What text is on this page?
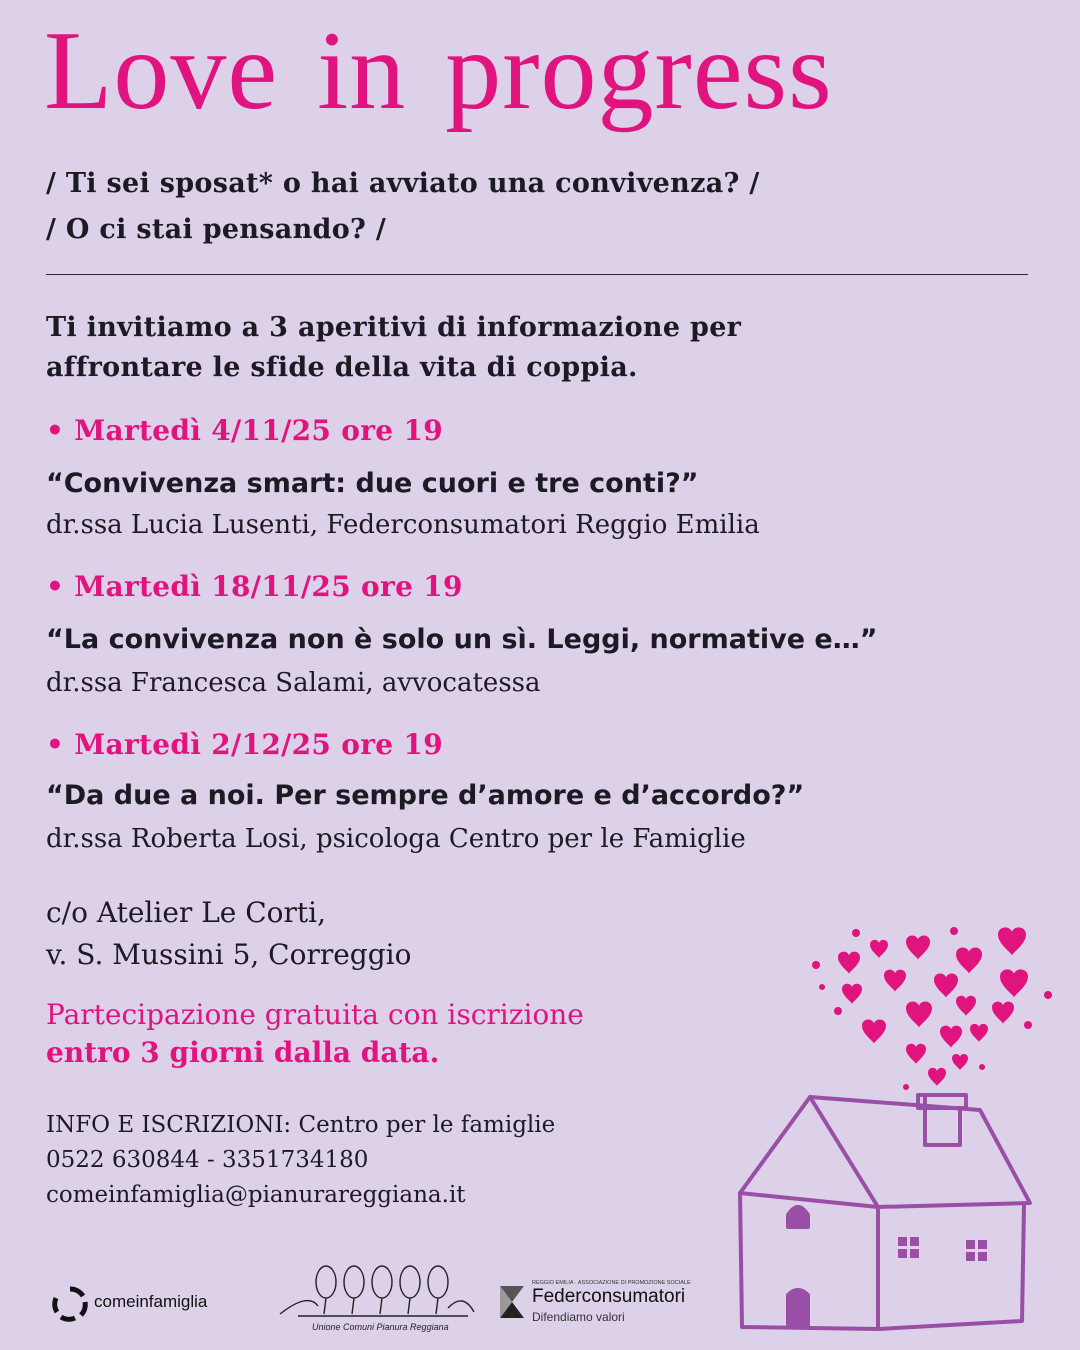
Love in progress
/ Ti sei sposat* o hai avviato una convivenza? /
/ O ci stai pensando? /
Ti invitiamo a 3 aperitivi di informazione per
affrontare le sfide della vita di coppia.
• Martedì 4/11/25 ore 19
“Convivenza smart: due cuori e tre conti?”
dr.ssa Lucia Lusenti, Federconsumatori Reggio Emilia
• Martedì 18/11/25 ore 19
“La convivenza non è solo un sì. Leggi, normative e…”
dr.ssa Francesca Salami, avvocatessa
• Martedì 2/12/25 ore 19
“Da due a noi. Per sempre d’amore e d’accordo?”
dr.ssa Roberta Losi, psicologa Centro per le Famiglie
c/o Atelier Le Corti,
v. S. Mussini 5, Correggio
Partecipazione gratuita con iscrizione
entro 3 giorni dalla data.
INFO E ISCRIZIONI: Centro per le famiglie
0522 630844 - 3351734180
comeinfamiglia@pianurareggiana.it
comeinfamiglia
Unione Comuni Pianura Reggiana
REGGIO EMILIA · ASSOCIAZIONE DI PROMOZIONE SOCIALE
Federconsumatori
Difendiamo valori
